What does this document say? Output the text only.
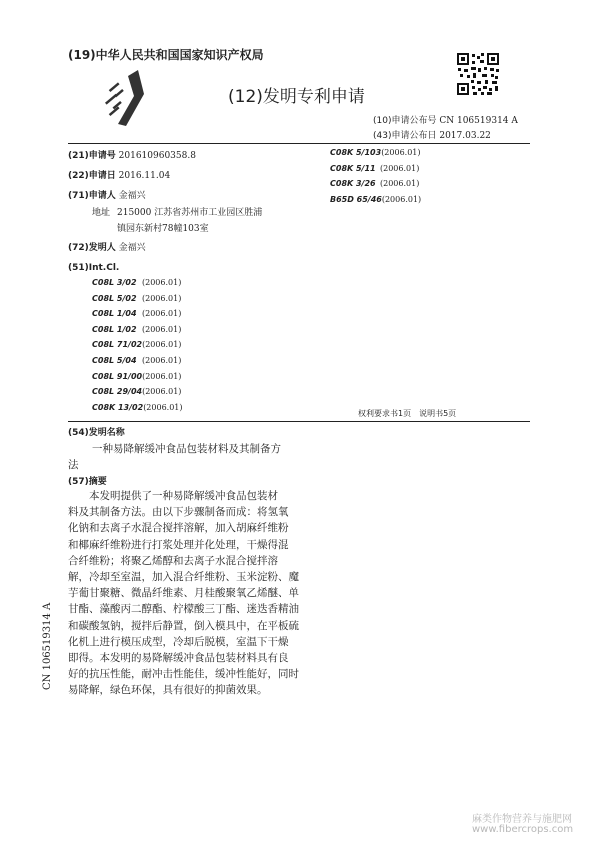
(19)中华人民共和国国家知识产权局
(12)发明专利申请
(10)申请公布号 CN 106519314 A
(43)申请公布日 2017.03.22
(21)申请号 201610960358.8
(22)申请日 2016.11.04
(71)申请人 金福兴
地址 215000 江苏省苏州市工业园区胜浦
镇园东新村78幢103室
(72)发明人 金福兴
(51)Int.Cl.
C08L 3/02 (2006.01)
C08L 5/02 (2006.01)
C08L 1/04 (2006.01)
C08L 1/02 (2006.01)
C08L 71/02(2006.01)
C08L 5/04 (2006.01)
C08L 91/00(2006.01)
C08L 29/04(2006.01)
C08K 13/02(2006.01)
C08K 5/103(2006.01)
C08K 5/11 (2006.01)
C08K 3/26 (2006.01)
B65D 65/46(2006.01)
权利要求书1页　说明书5页
(54)发明名称
一种易降解缓冲食品包装材料及其制备方
法
(57)摘要

本发明提供了一种易降解缓冲食品包装材

料及其制备方法。由以下步骤制备而成：将氢氧

化钠和去离子水混合搅拌溶解，加入胡麻纤维粉

和椰麻纤维粉进行打浆处理并化处理，干燥得混

合纤维粉；将聚乙烯醇和去离子水混合搅拌溶

解，冷却至室温，加入混合纤维粉、玉米淀粉、魔

芋葡甘聚糖、微晶纤维素、月桂酸聚氧乙烯醚、单

甘酯、藻酸丙二醇酯、柠檬酸三丁酯、迷迭香精油

和碳酸氢钠，搅拌后静置，倒入模具中，在平板硫

化机上进行模压成型，冷却后脱模，室温下干燥

即得。本发明的易降解缓冲食品包装材料具有良

好的抗压性能，耐冲击性能佳，缓冲性能好，同时

易降解，绿色环保，具有很好的抑菌效果。

CN 106519314 A
麻类作物营养与施肥网
www.fibercrops.com
